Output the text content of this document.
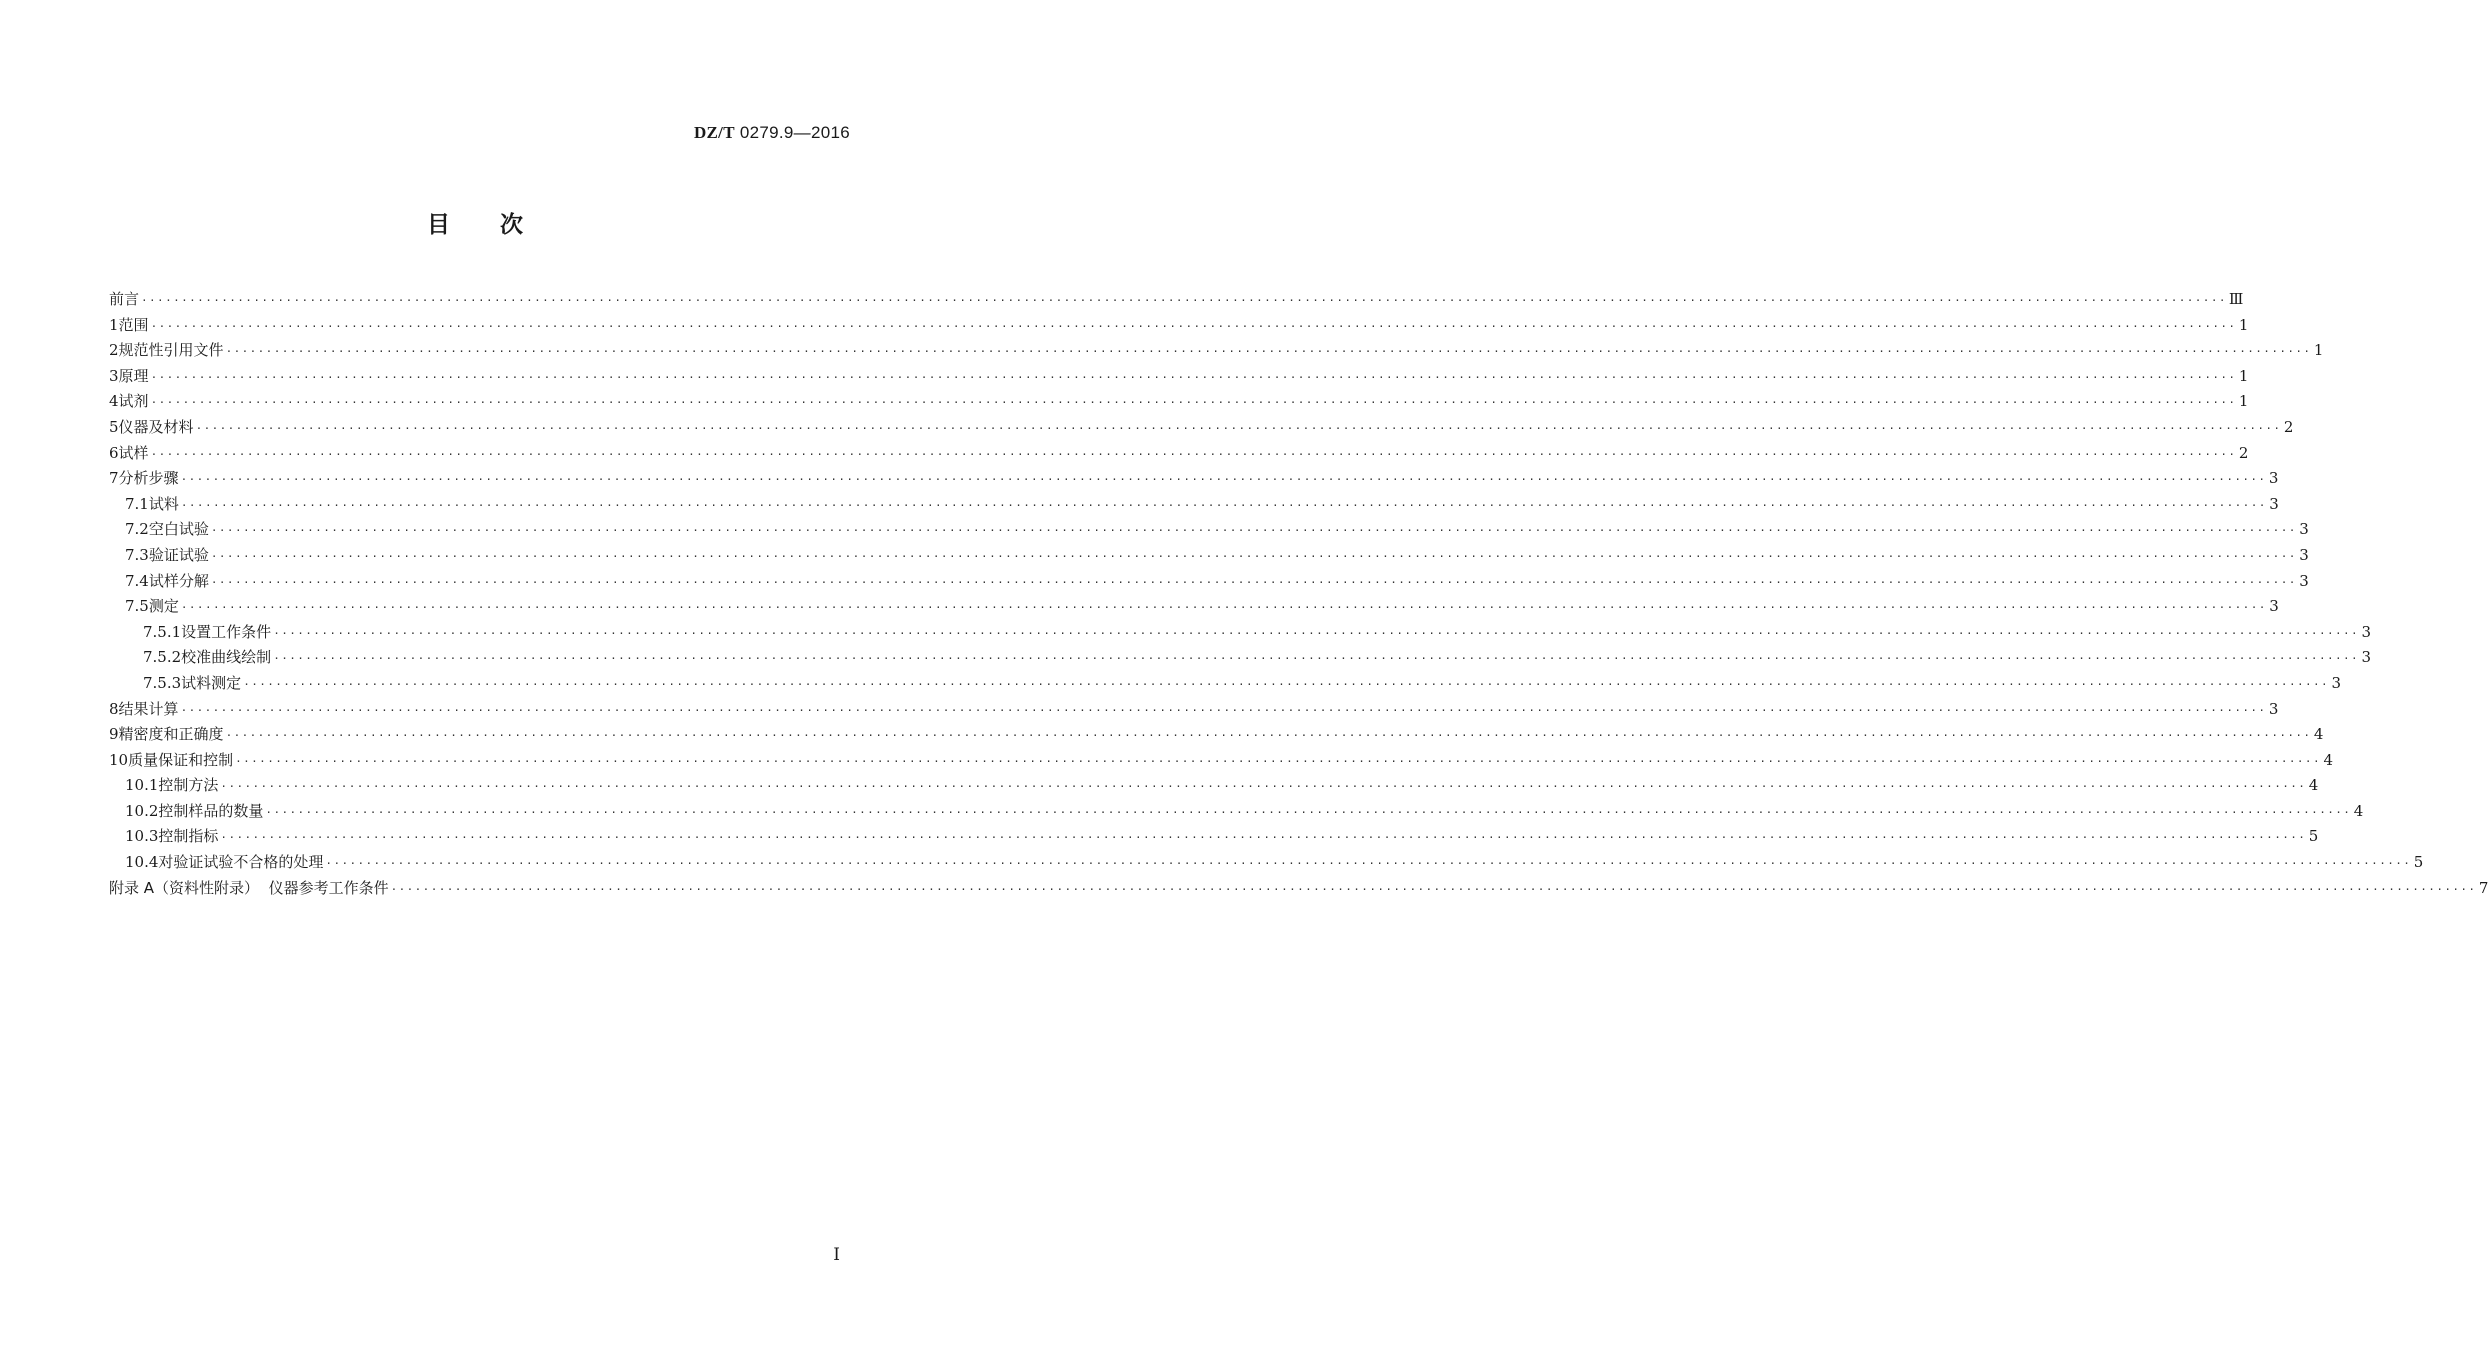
DZ/T 0279.9—2016
目次
前言 ···································································································································································································································································· Ⅲ
1 范围 ···································································································································································································································································· 1
2 规范性引用文件 ···································································································································································································································································· 1
3 原理 ···································································································································································································································································· 1
4 试剂 ···································································································································································································································································· 1
5 仪器及材料 ···································································································································································································································································· 2
6 试样 ···································································································································································································································································· 2
7 分析步骤 ···································································································································································································································································· 3
7.1 试料 ···································································································································································································································································· 3
7.2 空白试验 ···································································································································································································································································· 3
7.3 验证试验 ···································································································································································································································································· 3
7.4 试样分解 ···································································································································································································································································· 3
7.5 测定 ···································································································································································································································································· 3
7.5.1 设置工作条件 ···································································································································································································································································· 3
7.5.2 校准曲线绘制 ···································································································································································································································································· 3
7.5.3 试料测定 ···································································································································································································································································· 3
8 结果计算 ···································································································································································································································································· 3
9 精密度和正确度 ···································································································································································································································································· 4
10 质量保证和控制 ···································································································································································································································································· 4
10.1 控制方法 ···································································································································································································································································· 4
10.2 控制样品的数量 ···································································································································································································································································· 4
10.3 控制指标 ···································································································································································································································································· 5
10.4 对验证试验不合格的处理 ···································································································································································································································································· 5
附录 A（资料性附录）  仪器参考工作条件 ···································································································································································································································································· 7
I
